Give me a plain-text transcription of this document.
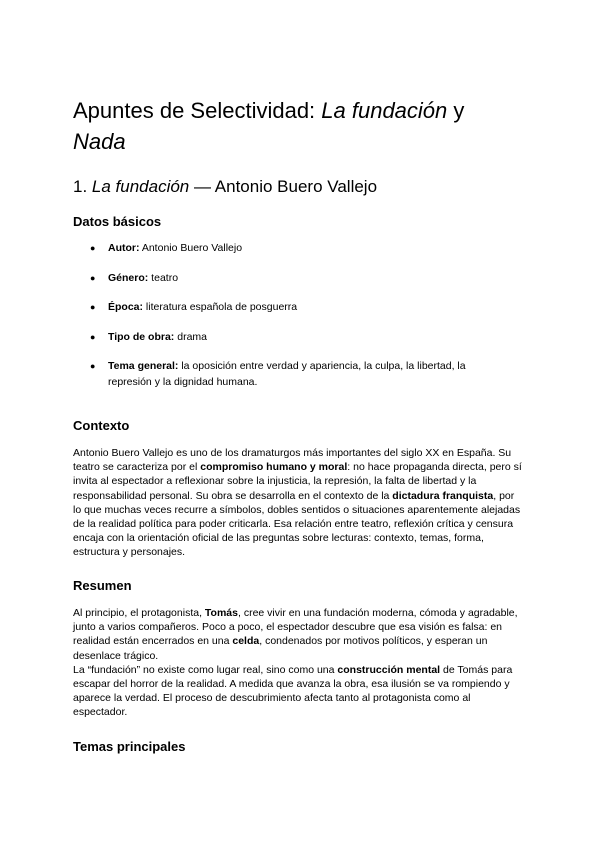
Apuntes de Selectividad: La fundación y
Nada
1. La fundación — Antonio Buero Vallejo
Datos básicos
● Autor: Antonio Buero Vallejo
● Género: teatro
● Época: literatura española de posguerra
● Tipo de obra: drama
● Tema general: la oposición entre verdad y apariencia, la culpa, la libertad, la represión y la dignidad humana.
Contexto

Antonio Buero Vallejo es uno de los dramaturgos más importantes del siglo XX en España. Su teatro se caracteriza por el compromiso humano y moral: no hace propaganda directa, pero sí invita al espectador a reflexionar sobre la injusticia, la represión, la falta de libertad y la responsabilidad personal. Su obra se desarrolla en el contexto de la dictadura franquista, por lo que muchas veces recurre a símbolos, dobles sentidos o situaciones aparentemente alejadas de la realidad política para poder criticarla. Esa relación entre teatro, reflexión crítica y censura encaja con la orientación oficial de las preguntas sobre lecturas: contexto, temas, forma, estructura y personajes.

Resumen

Al principio, el protagonista, Tomás, cree vivir en una fundación moderna, cómoda y agradable, junto a varios compañeros. Poco a poco, el espectador descubre que esa visión es falsa: en realidad están encerrados en una celda, condenados por motivos políticos, y esperan un desenlace trágico.
La “fundación” no existe como lugar real, sino como una construcción mental de Tomás para escapar del horror de la realidad. A medida que avanza la obra, esa ilusión se va rompiendo y aparece la verdad. El proceso de descubrimiento afecta tanto al protagonista como al espectador.

Temas principales
